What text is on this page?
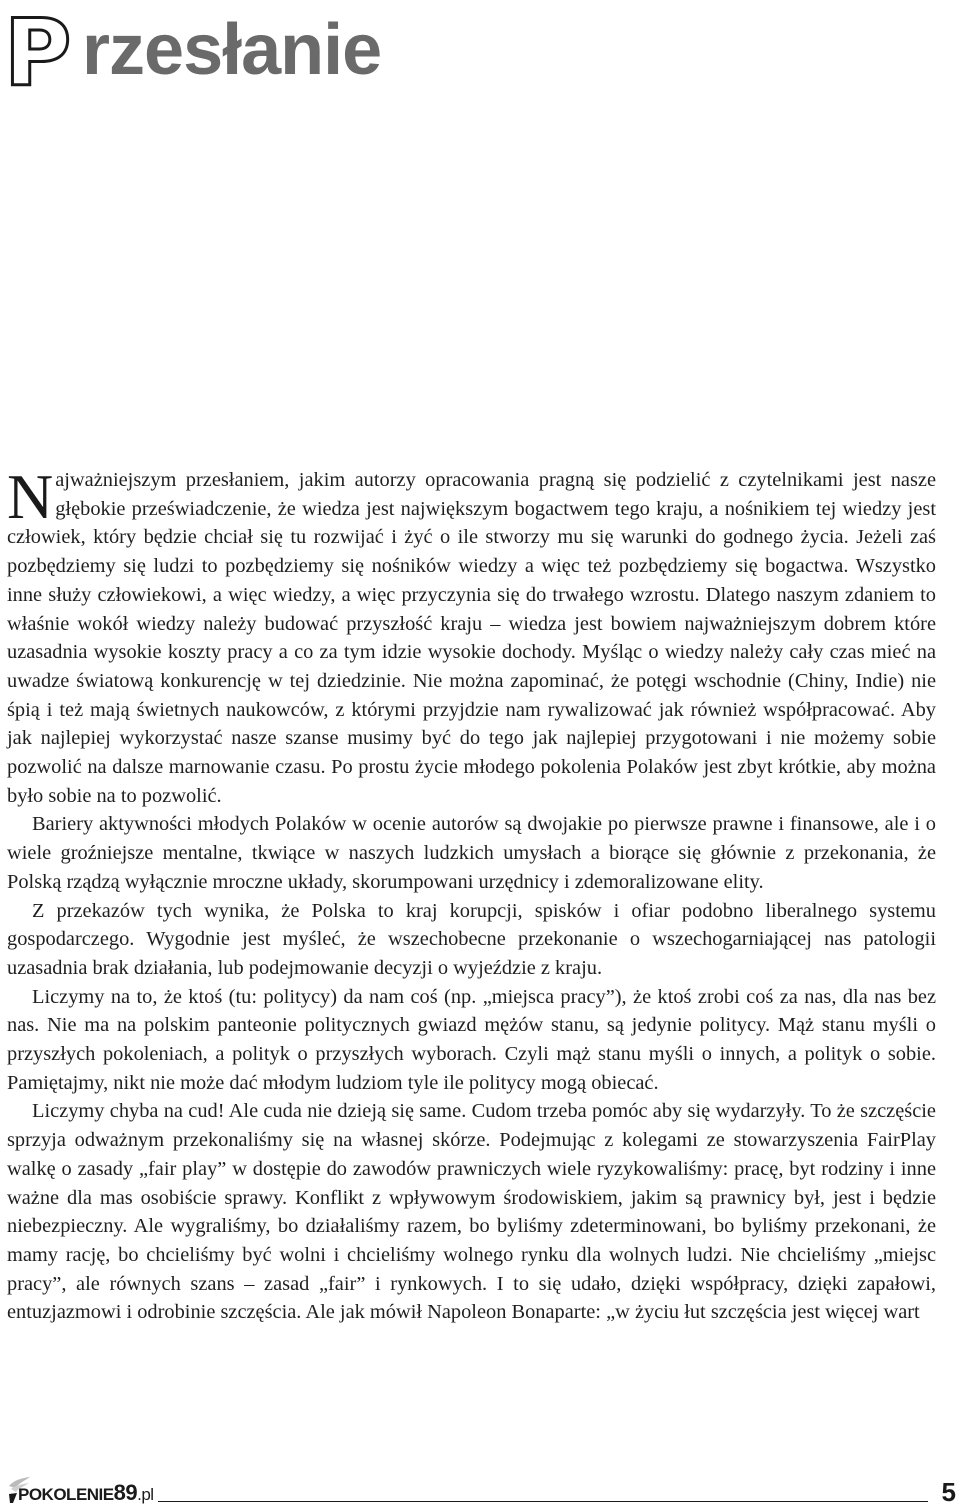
P rzesłanie

Najważniejszym przesłaniem, jakim autorzy opracowania pragną się podzielić z czytelnikami jest nasze głębokie przeświadczenie, że wiedza jest największym bogactwem tego kraju, a nośnikiem tej wiedzy jest człowiek, który będzie chciał się tu rozwijać i żyć o ile stworzy mu się warunki do godnego życia. Jeżeli zaś pozbędziemy się ludzi to pozbędziemy się nośników wiedzy a więc też pozbędziemy się bogactwa. Wszystko inne służy człowiekowi, a więc wiedzy, a więc przyczynia się do trwałego wzrostu. Dlatego naszym zdaniem to właśnie wokół wiedzy należy budować przyszłość kraju – wiedza jest bowiem najważniejszym dobrem które uzasadnia wysokie koszty pracy a co za tym idzie wysokie dochody. Myśląc o wiedzy należy cały czas mieć na uwadze światową konkurencję w tej dziedzinie. Nie można zapominać, że potęgi wschodnie (Chiny, Indie) nie śpią i też mają świetnych naukowców, z którymi przyjdzie nam rywalizować jak również współpracować. Aby jak najlepiej wykorzystać nasze szanse musimy być do tego jak najlepiej przygotowani i nie możemy sobie pozwolić na dalsze marnowanie czasu. Po prostu życie młodego pokolenia Polaków jest zbyt krótkie, aby można było sobie na to pozwolić.

Bariery aktywności młodych Polaków w ocenie autorów są dwojakie po pierwsze prawne i finansowe, ale i o wiele groźniejsze mentalne, tkwiące w naszych ludzkich umysłach a biorące się głównie z przekonania, że Polską rządzą wyłącznie mroczne układy, skorumpowani urzędnicy i zdemoralizowane elity.

Z przekazów tych wynika, że Polska to kraj korupcji, spisków i ofiar podobno liberalnego systemu gospodarczego. Wygodnie jest myśleć, że wszechobecne przekonanie o wszechogarniającej nas patologii uzasadnia brak działania, lub podejmowanie decyzji o wyjeździe z kraju.

Liczymy na to, że ktoś (tu: politycy) da nam coś (np. „miejsca pracy”), że ktoś zrobi coś za nas, dla nas bez nas. Nie ma na polskim panteonie politycznych gwiazd mężów stanu, są jedynie politycy. Mąż stanu myśli o przyszłych pokoleniach, a polityk o przyszłych wyborach. Czyli mąż stanu myśli o innych, a polityk o sobie. Pamiętajmy, nikt nie może dać młodym ludziom tyle ile politycy mogą obiecać.

Liczymy chyba na cud! Ale cuda nie dzieją się same. Cudom trzeba pomóc aby się wydarzyły. To że szczęście sprzyja odważnym przekonaliśmy się na własnej skórze. Podejmując z kolegami ze stowarzyszenia FairPlay walkę o zasady „fair play” w dostępie do zawodów prawniczych wiele ryzykowaliśmy: pracę, byt rodziny i inne ważne dla mas osobiście sprawy. Konflikt z wpływowym środowiskiem, jakim są prawnicy był, jest i będzie niebezpieczny. Ale wygraliśmy, bo działaliśmy razem, bo byliśmy zdeterminowani, bo byliśmy przekonani, że mamy rację, bo chcieliśmy być wolni i chcieliśmy wolnego rynku dla wolnych ludzi. Nie chcieliśmy „miejsc pracy”, ale równych szans – zasad „fair” i rynkowych. I to się udało, dzięki współpracy, dzięki zapałowi, entuzjazmowi i odrobinie szczęścia. Ale jak mówił Napoleon Bonaparte: „w życiu łut szczęścia jest więcej wart

POKOLENIE89.pl	5
